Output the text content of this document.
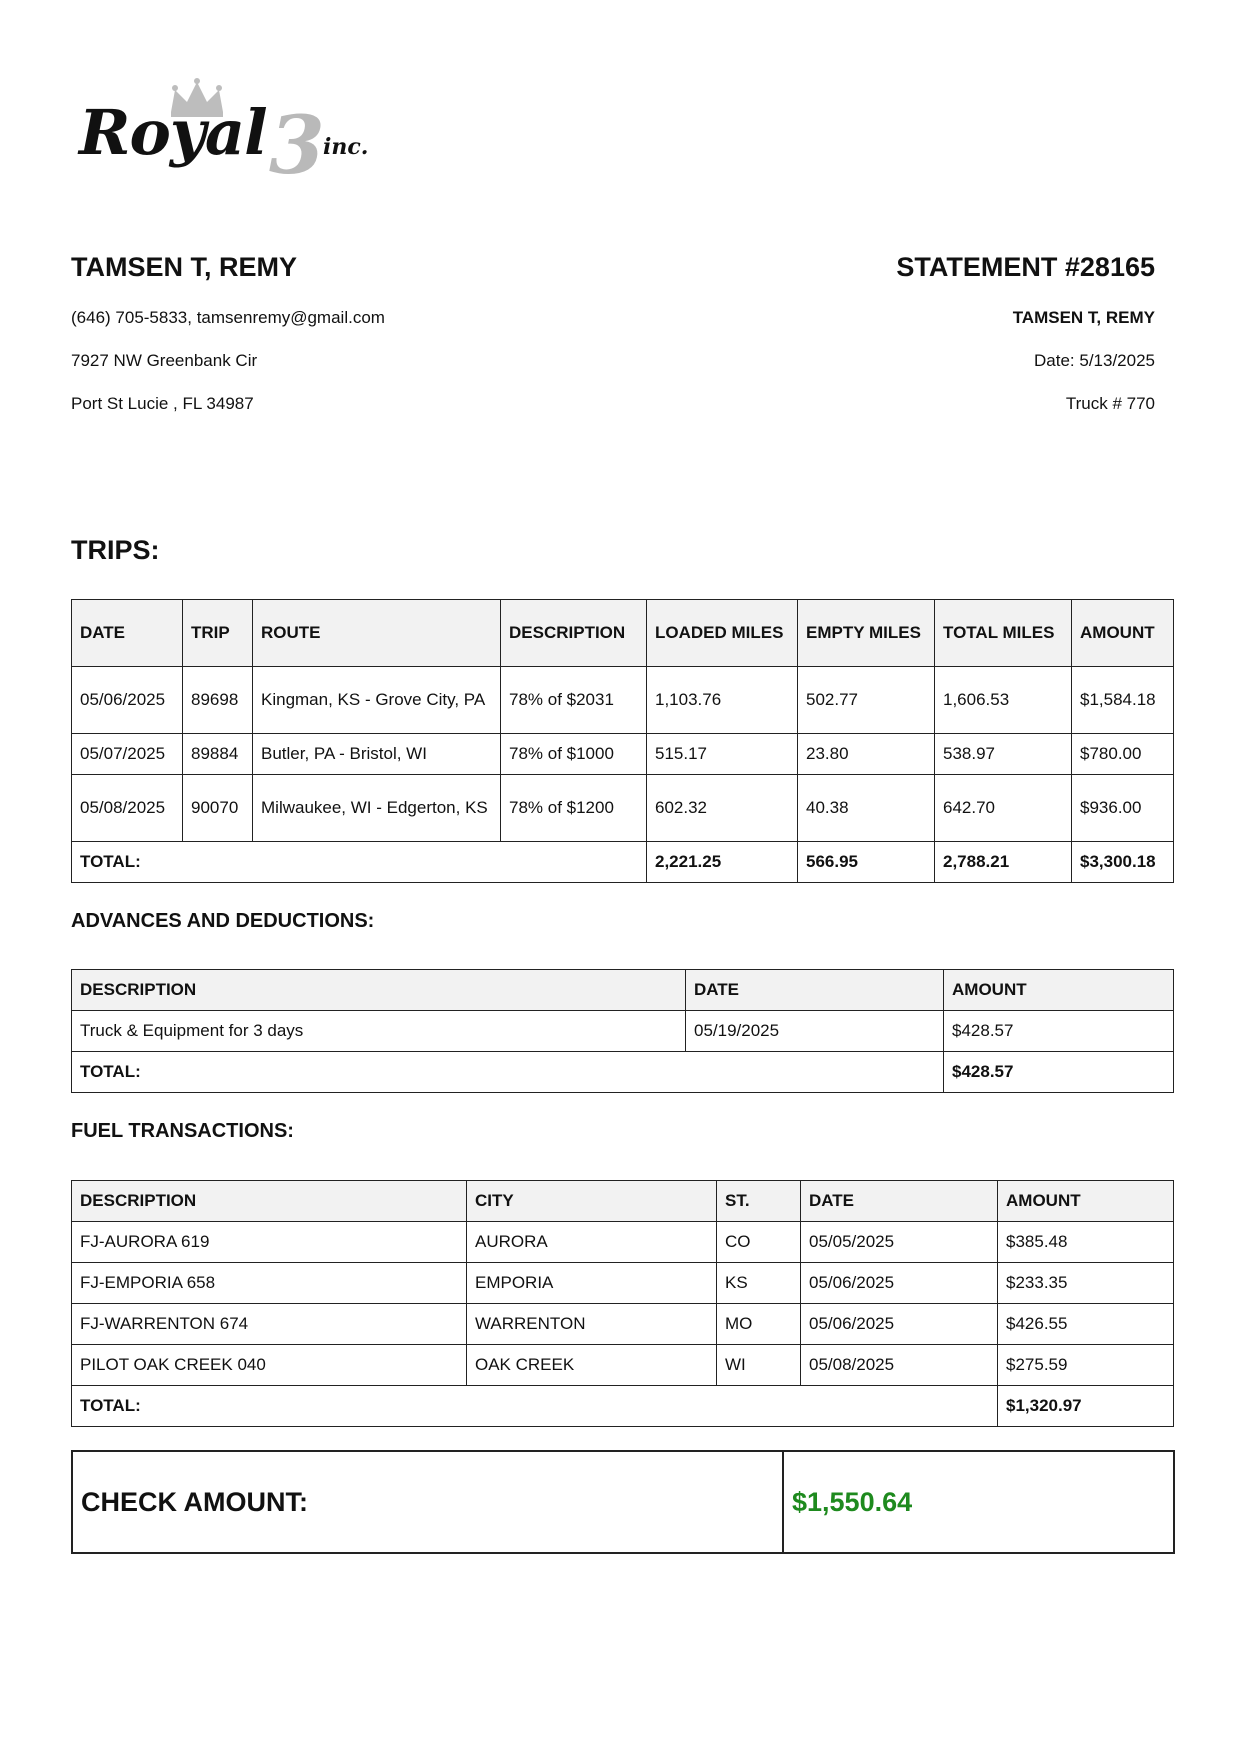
Royal 3
inc.
TAMSEN T, REMY
(646) 705-5833, tamsenremy@gmail.com
7927 NW Greenbank Cir
Port St Lucie , FL 34987
STATEMENT #28165
TAMSEN T, REMY
Date: 5/13/2025
Truck # 770
TRIPS:
DATE	TRIP	ROUTE	DESCRIPTION	LOADED MILES	EMPTY MILES	TOTAL MILES	AMOUNT
05/06/2025	89698	Kingman, KS - Grove City, PA	78% of $2031	1,103.76	502.77	1,606.53	$1,584.18
05/07/2025	89884	Butler, PA - Bristol, WI	78% of $1000	515.17	23.80	538.97	$780.00
05/08/2025	90070	Milwaukee, WI - Edgerton, KS	78% of $1200	602.32	40.38	642.70	$936.00
TOTAL:				2,221.25	566.95	2,788.21	$3,300.18
ADVANCES AND DEDUCTIONS:
DESCRIPTION	DATE	AMOUNT
Truck & Equipment for 3 days	05/19/2025	$428.57
TOTAL:		$428.57
FUEL TRANSACTIONS:
DESCRIPTION	CITY	ST.	DATE	AMOUNT
FJ-AURORA 619	AURORA	CO	05/05/2025	$385.48
FJ-EMPORIA 658	EMPORIA	KS	05/06/2025	$233.35
FJ-WARRENTON 674	WARRENTON	MO	05/06/2025	$426.55
PILOT OAK CREEK 040	OAK CREEK	WI	05/08/2025	$275.59
TOTAL:				$1,320.97
CHECK AMOUNT:	$1,550.64
